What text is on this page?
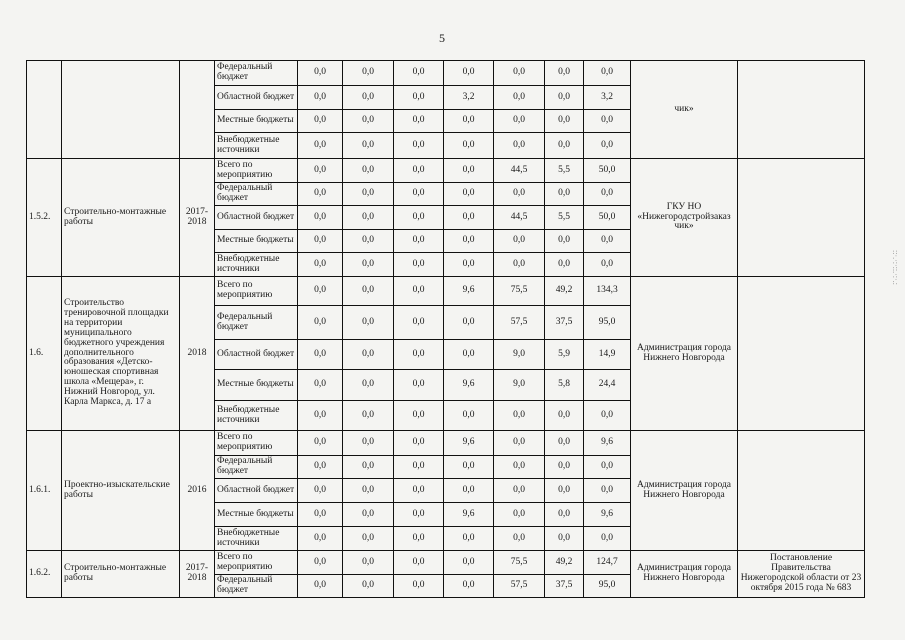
5
			Федеральный бюджет	0,0	0,0	0,0	0,0	0,0	0,0	0,0	чик»	
			Областной бюджет	0,0	0,0	0,0	3,2	0,0	0,0	3,2		
			Местные бюджеты	0,0	0,0	0,0	0,0	0,0	0,0	0,0		
			Внебюджетные источники	0,0	0,0	0,0	0,0	0,0	0,0	0,0		
1.5.2.	Строительно-монтажные работы	2017-2018	Всего по мероприятию	0,0	0,0	0,0	0,0	44,5	5,5	50,0	ГКУ НО «Нижегородстройзаказ чик»	
			Федеральный бюджет	0,0	0,0	0,0	0,0	0,0	0,0	0,0		
			Областной бюджет	0,0	0,0	0,0	0,0	44,5	5,5	50,0		
			Местные бюджеты	0,0	0,0	0,0	0,0	0,0	0,0	0,0		
			Внебюджетные источники	0,0	0,0	0,0	0,0	0,0	0,0	0,0		
1.6.	Строительство тренировочной площадки на территории муниципального бюджетного учреждения дополнительного образования «Детско-юношеская спортивная школа «Мещера», г. Нижний Новгород, ул. Карла Маркса, д. 17 а	2018	Всего по мероприятию	0,0	0,0	0,0	9,6	75,5	49,2	134,3	Администрация города Нижнего Новгорода	
			Федеральный бюджет	0,0	0,0	0,0	0,0	57,5	37,5	95,0		
			Областной бюджет	0,0	0,0	0,0	0,0	9,0	5,9	14,9		
			Местные бюджеты	0,0	0,0	0,0	9,6	9,0	5,8	24,4		
			Внебюджетные источники	0,0	0,0	0,0	0,0	0,0	0,0	0,0		
1.6.1.	Проектно-изыскательские работы	2016	Всего по мероприятию	0,0	0,0	0,0	9,6	0,0	0,0	9,6	Администрация города Нижнего Новгорода	
			Федеральный бюджет	0,0	0,0	0,0	0,0	0,0	0,0	0,0		
			Областной бюджет	0,0	0,0	0,0	0,0	0,0	0,0	0,0		
			Местные бюджеты	0,0	0,0	0,0	9,6	0,0	0,0	9,6		
			Внебюджетные источники	0,0	0,0	0,0	0,0	0,0	0,0	0,0		
1.6.2.	Строительно-монтажные работы	2017-2018	Всего по мероприятию	0,0	0,0	0,0	0,0	75,5	49,2	124,7	Администрация города Нижнего Новгорода	Постановление Правительства Нижегородской области от 23 октября 2015 года № 683
			Федеральный бюджет	0,0	0,0	0,0	0,0	57,5	37,5	95,0		
::·.·:·::.·:·.:
